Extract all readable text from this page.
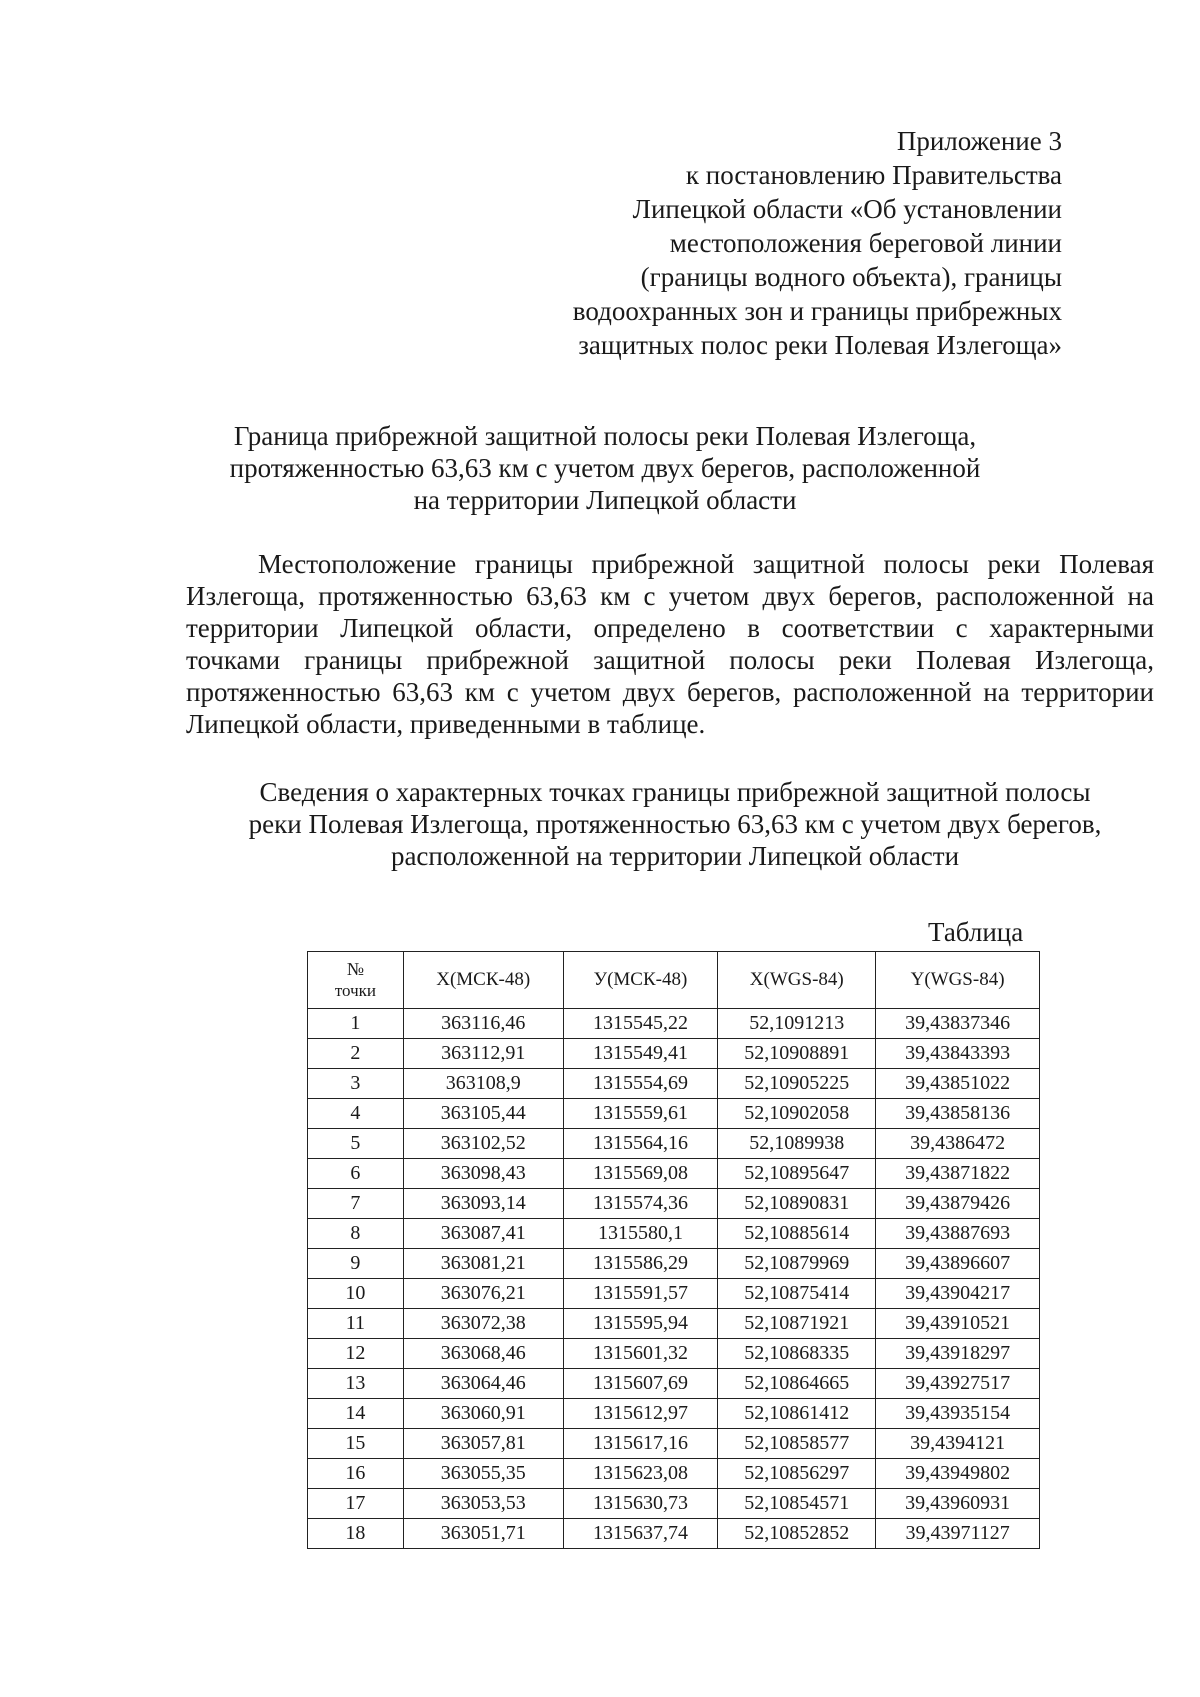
Приложение 3
к постановлению Правительства
Липецкой области «Об установлении
местоположения береговой линии
(границы водного объекта), границы
водоохранных зон и границы прибрежных
защитных полос реки Полевая Излегоща»
Граница прибрежной защитной полосы реки Полевая Излегоща,
протяженностью 63,63 км с учетом двух берегов, расположенной
на территории Липецкой области
Местоположение границы прибрежной защитной полосы реки Полевая
Излегоща, протяженностью 63,63 км с учетом двух берегов, расположенной на
территории Липецкой области, определено в соответствии с характерными
точками границы прибрежной защитной полосы реки Полевая Излегоща,
протяженностью 63,63 км с учетом двух берегов, расположенной на территории
Липецкой области, приведенными в таблице.
Сведения о характерных точках границы прибрежной защитной полосы
реки Полевая Излегоща, протяженностью 63,63 км с учетом двух берегов,
расположенной на территории Липецкой области
Таблица
№
точки	X(МСК-48)	У(МСК-48)	X(WGS-84)	Y(WGS-84)
1	363116,46	1315545,22	52,1091213	39,43837346
2	363112,91	1315549,41	52,10908891	39,43843393
3	363108,9	1315554,69	52,10905225	39,43851022
4	363105,44	1315559,61	52,10902058	39,43858136
5	363102,52	1315564,16	52,1089938	39,4386472
6	363098,43	1315569,08	52,10895647	39,43871822
7	363093,14	1315574,36	52,10890831	39,43879426
8	363087,41	1315580,1	52,10885614	39,43887693
9	363081,21	1315586,29	52,10879969	39,43896607
10	363076,21	1315591,57	52,10875414	39,43904217
11	363072,38	1315595,94	52,10871921	39,43910521
12	363068,46	1315601,32	52,10868335	39,43918297
13	363064,46	1315607,69	52,10864665	39,43927517
14	363060,91	1315612,97	52,10861412	39,43935154
15	363057,81	1315617,16	52,10858577	39,4394121
16	363055,35	1315623,08	52,10856297	39,43949802
17	363053,53	1315630,73	52,10854571	39,43960931
18	363051,71	1315637,74	52,10852852	39,43971127
